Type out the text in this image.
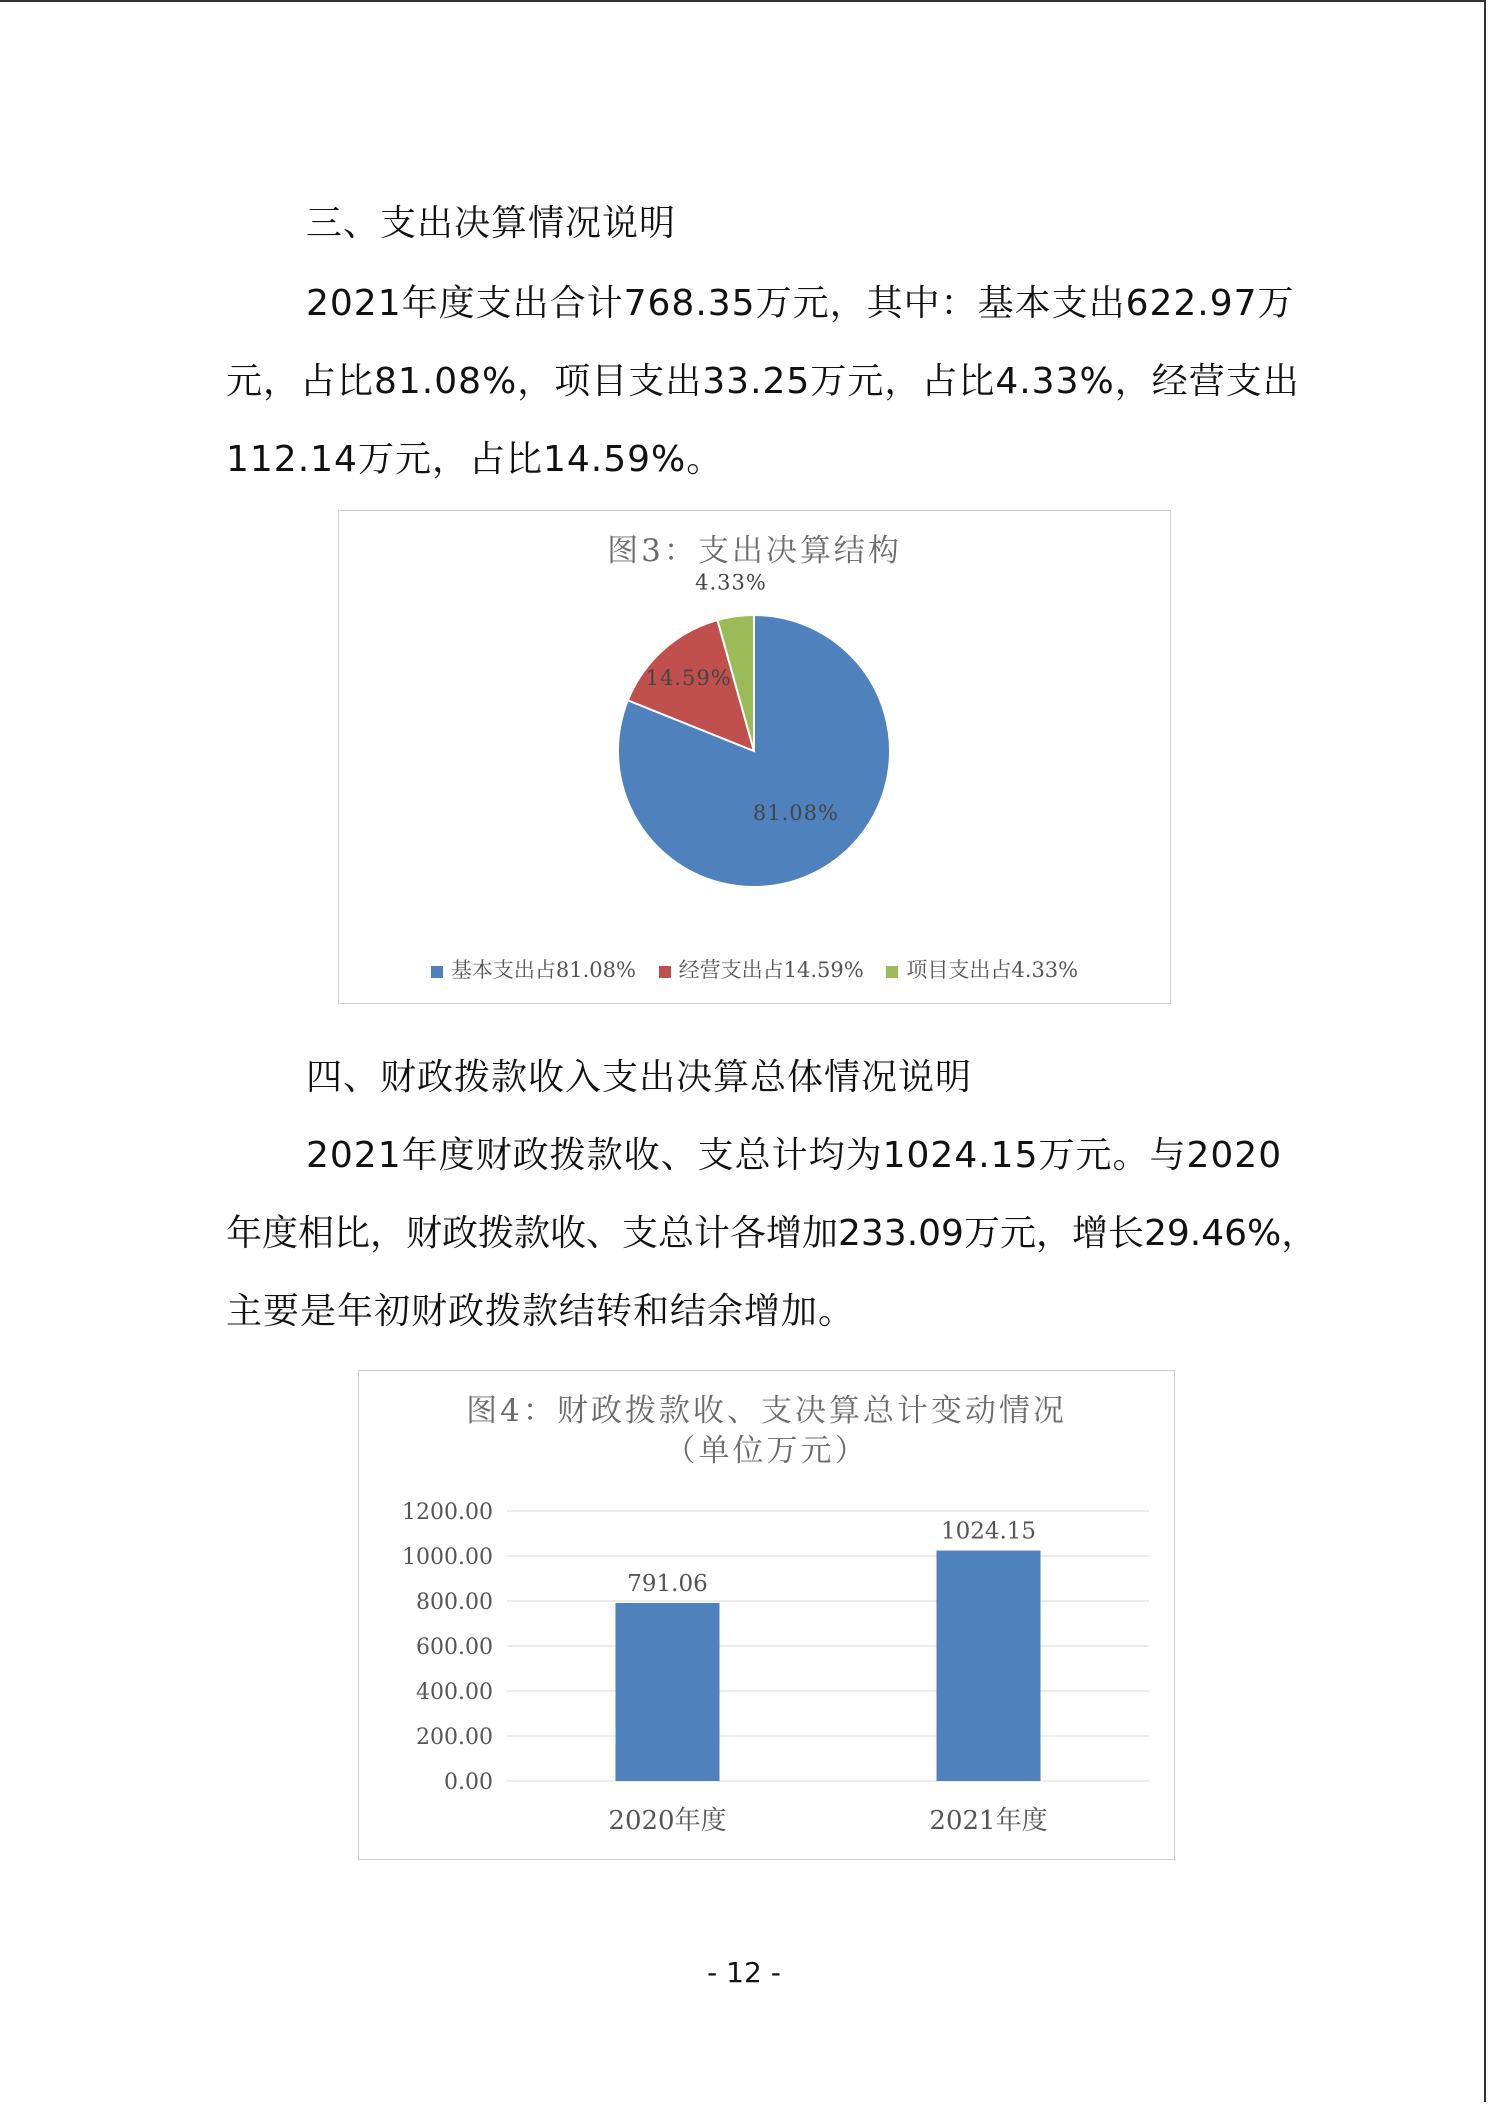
三、支出决算情况说明
2021年度支出合计768.35万元，其中：基本支出622.97万
元，占比81.08%，项目支出33.25万元，占比4.33%，经营支出
112.14万元，占比14.59%。
图3：支出决算结构
81.08%
14.59%
4.33%
基本支出占81.08% 经营支出占14.59% 项目支出占4.33%
四、财政拨款收入支出决算总体情况说明
2021年度财政拨款收、支总计均为1024.15万元。与2020
年度相比，财政拨款收、支总计各增加233.09万元，增长29.46%，
主要是年初财政拨款结转和结余增加。
图4：财政拨款收、支决算总计变动情况
（单位万元）
0.00
200.00
400.00
600.00
800.00
1000.00
1200.00
791.06
2020年度
1024.15
2021年度
- 12 -
